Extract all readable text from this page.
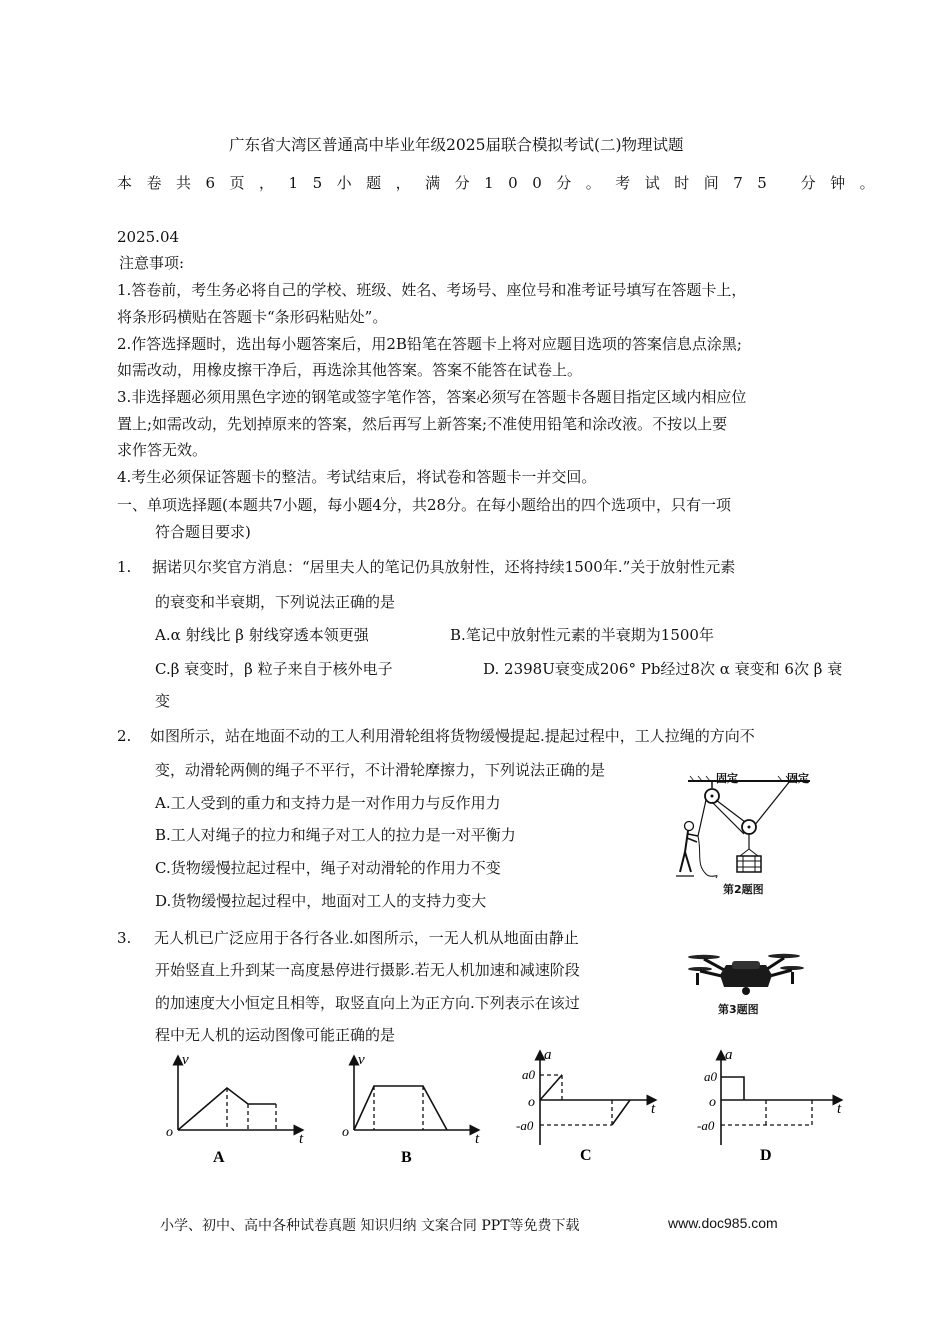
广东省大湾区普通高中毕业年级2025届联合模拟考试(二)物理试题
本卷共6页，15小题，满分100分。考试时间75 分钟。
2025.04
注意事项:
1.答卷前，考生务必将自己的学校、班级、姓名、考场号、座位号和准考证号填写在答题卡上，
将条形码横贴在答题卡“条形码粘贴处”。
2.作答选择题时，选出每小题答案后，用2B铅笔在答题卡上将对应题目选项的答案信息点涂黑;
如需改动，用橡皮擦干净后，再选涂其他答案。答案不能答在试卷上。
3.非选择题必须用黑色字迹的钢笔或签字笔作答，答案必须写在答题卡各题目指定区域内相应位
置上;如需改动，先划掉原来的答案，然后再写上新答案;不准使用铅笔和涂改液。不按以上要
求作答无效。
4.考生必须保证答题卡的整洁。考试结束后，将试卷和答题卡一并交回。
一、单项选择题(本题共7小题，每小题4分，共28分。在每小题给出的四个选项中，只有一项
符合题目要求)
1. 据诺贝尔奖官方消息：“居里夫人的笔记仍具放射性，还将持续1500年.”关于放射性元素
的衰变和半衰期，下列说法正确的是
A.α 射线比 β 射线穿透本领更强	B.笔记中放射性元素的半衰期为1500年
C.β 衰变时，β 粒子来自于核外电子	D. 2398U衰变成206° Pb经过8次 α 衰变和 6次 β 衰
变
2. 如图所示，站在地面不动的工人利用滑轮组将货物缓慢提起.提起过程中，工人拉绳的方向不
变，动滑轮两侧的绳子不平行，不计滑轮摩擦力，下列说法正确的是
A.工人受到的重力和支持力是一对作用力与反作用力
B.工人对绳子的拉力和绳子对工人的拉力是一对平衡力
C.货物缓慢拉起过程中，绳子对动滑轮的作用力不变
D.货物缓慢拉起过程中，地面对工人的支持力变大
固定	固定
第2题图
3. 无人机已广泛应用于各行各业.如图所示，一无人机从地面由静止
开始竖直上升到某一高度悬停进行摄影.若无人机加速和减速阶段
的加速度大小恒定且相等，取竖直向上为正方向.下列表示在该过
程中无人机的运动图像可能正确的是
第3题图
v
t
o
A
v
t
o
B
a
t
o
a0
-a0
C
a
t
o
a0
-a0
D
小学、初中、高中各种试卷真题 知识归纳 文案合同 PPT等免费下载	www.doc985.com
